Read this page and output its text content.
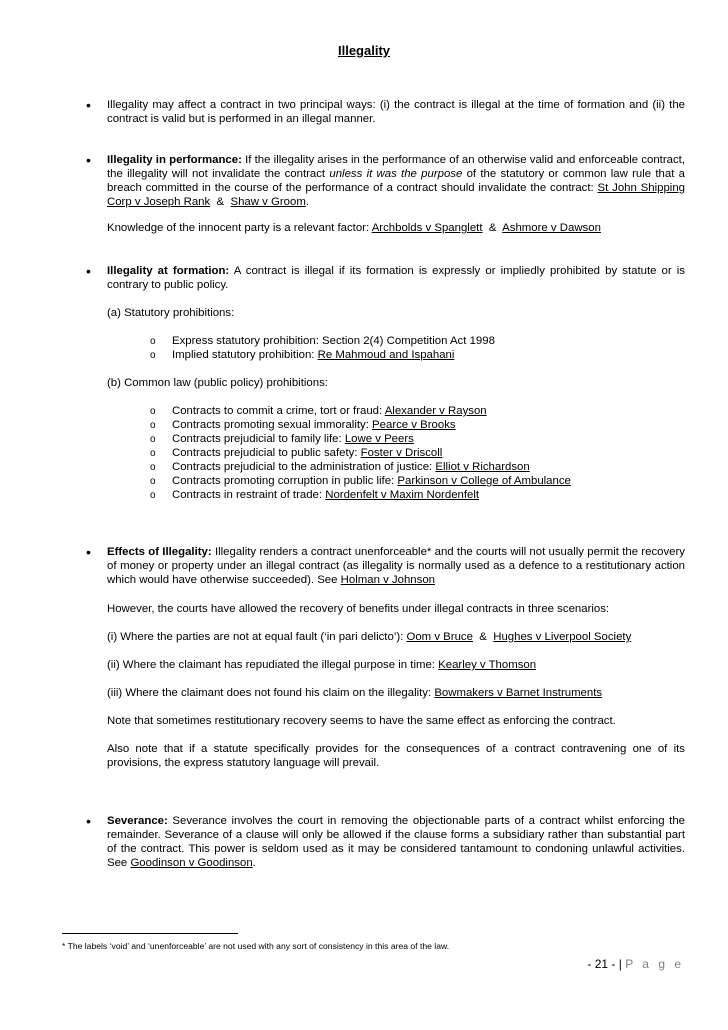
Illegality
• Illegality may affect a contract in two principal ways: (i) the contract is illegal at the time of formation and (ii) the contract is valid but is performed in an illegal manner.
• Illegality in performance: If the illegality arises in the performance of an otherwise valid and enforceable contract, the illegality will not invalidate the contract unless it was the purpose of the statutory or common law rule that a breach committed in the course of the performance of a contract should invalidate the contract: St John Shipping Corp v Joseph Rank & Shaw v Groom.
Knowledge of the innocent party is a relevant factor: Archbolds v Spanglett & Ashmore v Dawson
• Illegality at formation: A contract is illegal if its formation is expressly or impliedly prohibited by statute or is contrary to public policy.
(a) Statutory prohibitions:
o Express statutory prohibition: Section 2(4) Competition Act 1998
o Implied statutory prohibition: Re Mahmoud and Ispahani
(b) Common law (public policy) prohibitions:
o Contracts to commit a crime, tort or fraud: Alexander v Rayson
o Contracts promoting sexual immorality: Pearce v Brooks
o Contracts prejudicial to family life: Lowe v Peers
o Contracts prejudicial to public safety: Foster v Driscoll
o Contracts prejudicial to the administration of justice: Elliot v Richardson
o Contracts promoting corruption in public life: Parkinson v College of Ambulance
o Contracts in restraint of trade: Nordenfelt v Maxim Nordenfelt
• Effects of Illegality: Illegality renders a contract unenforceable* and the courts will not usually permit the recovery of money or property under an illegal contract (as illegality is normally used as a defence to a restitutionary action which would have otherwise succeeded). See Holman v Johnson
However, the courts have allowed the recovery of benefits under illegal contracts in three scenarios:
(i) Where the parties are not at equal fault (‘in pari delicto’): Oom v Bruce & Hughes v Liverpool Society
(ii) Where the claimant has repudiated the illegal purpose in time: Kearley v Thomson
(iii) Where the claimant does not found his claim on the illegality: Bowmakers v Barnet Instruments
Note that sometimes restitutionary recovery seems to have the same effect as enforcing the contract.
Also note that if a statute specifically provides for the consequences of a contract contravening one of its provisions, the express statutory language will prevail.
• Severance: Severance involves the court in removing the objectionable parts of a contract whilst enforcing the remainder. Severance of a clause will only be allowed if the clause forms a subsidiary rather than substantial part of the contract. This power is seldom used as it may be considered tantamount to condoning unlawful activities. See Goodinson v Goodinson.
* The labels ‘void’ and ‘unenforceable’ are not used with any sort of consistency in this area of the law.
- 21 - | P a g e
